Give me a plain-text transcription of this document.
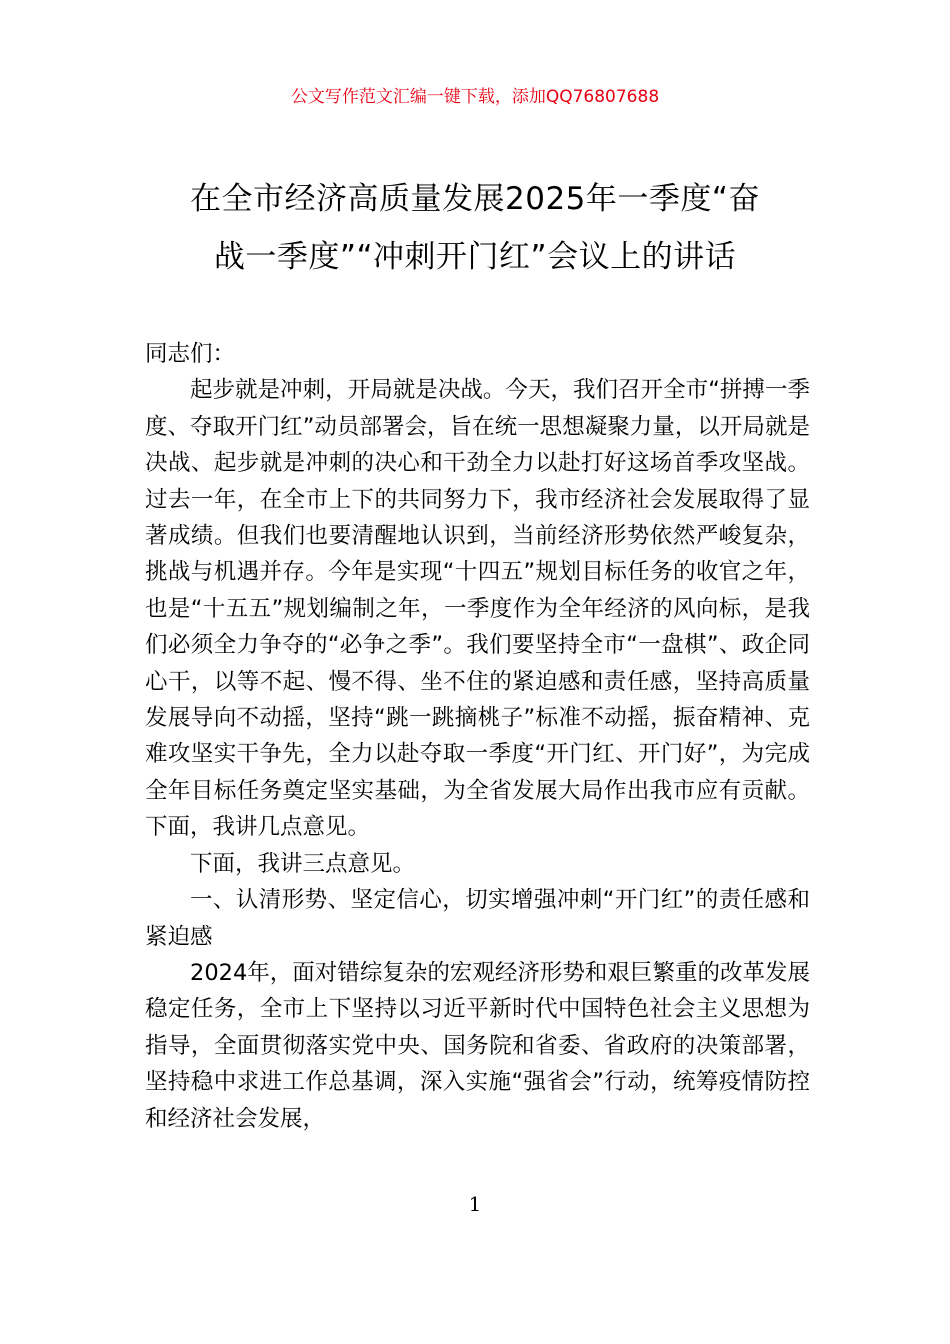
公文写作范文汇编一键下载，添加QQ76807688
在全市经济高质量发展2025年一季度“奋
战一季度”“冲刺开门红”会议上的讲话

同志们：

起步就是冲刺，开局就是决战。今天，我们召开全市“拼搏一季度、夺取开门红”动员部署会，旨在统一思想凝聚力量，以开局就是决战、起步就是冲刺的决心和干劲全力以赴打好这场首季攻坚战。过去一年，在全市上下的共同努力下，我市经济社会发展取得了显著成绩。但我们也要清醒地认识到，当前经济形势依然严峻复杂，挑战与机遇并存。今年是实现“十四五”规划目标任务的收官之年，也是“十五五”规划编制之年，一季度作为全年经济的风向标，是我们必须全力争夺的“必争之季”。我们要坚持全市“一盘棋”、政企同心干，以等不起、慢不得、坐不住的紧迫感和责任感，坚持高质量发展导向不动摇，坚持“跳一跳摘桃子”标准不动摇，振奋精神、克难攻坚实干争先，全力以赴夺取一季度“开门红、开门好”，为完成全年目标任务奠定坚实基础，为全省发展大局作出我市应有贡献。下面，我讲几点意见。

下面，我讲三点意见。

一、认清形势、坚定信心，切实增强冲刺“开门红”的责任感和紧迫感

2024年，面对错综复杂的宏观经济形势和艰巨繁重的改革发展稳定任务，全市上下坚持以习近平新时代中国特色社会主义思想为指导，全面贯彻落实党中央、国务院和省委、省政府的决策部署，坚持稳中求进工作总基调，深入实施“强省会”行动，统筹疫情防控和经济社会发展，

1
